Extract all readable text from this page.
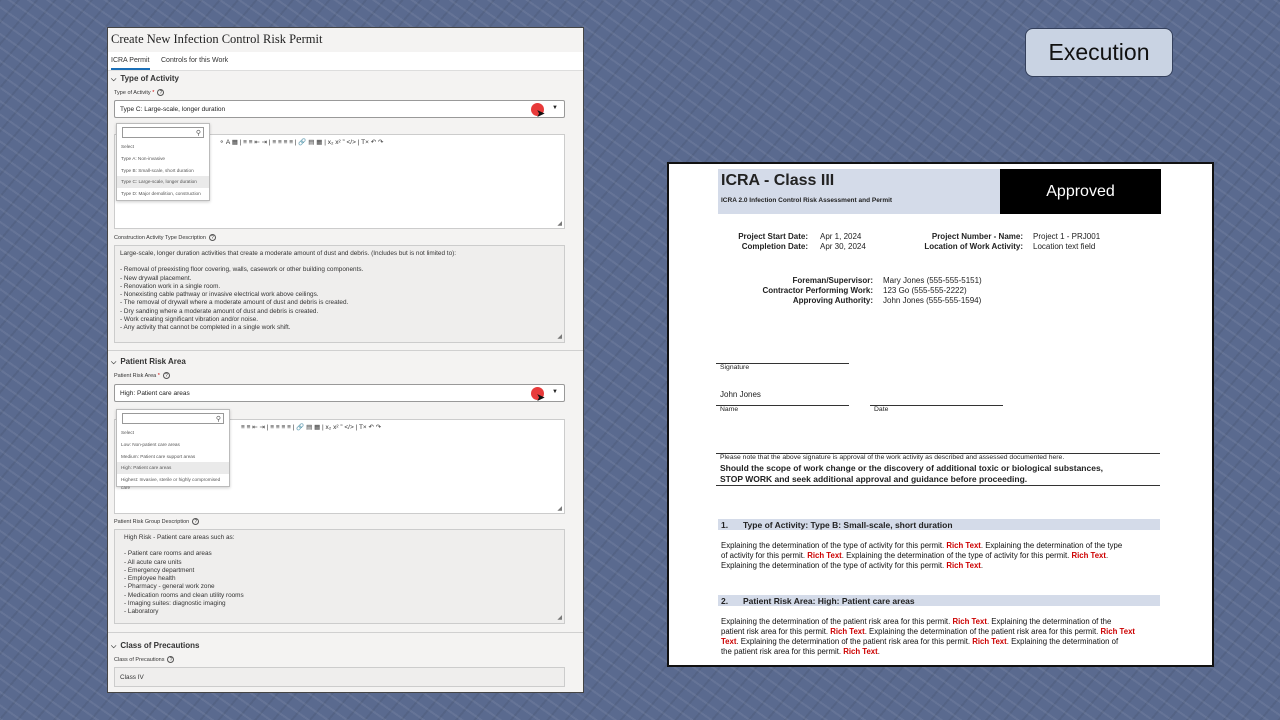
Execution
Create New Infection Control Risk Permit
ICRA Permit Controls for this Work
⌵ Type of Activity
Type of Activity * ?
Type C: Large-scale, longer duration	▼
➤
⚬ A ▦ | ≡ ≡ ⇤ ⇥ | ≡ ≡ ≡ ≡ | 🔗 ▤ ▦ | x₂ x² ” </> | T× ↶ ↷
◢
⚲
Select
Type A: Non-invasive
Type B: Small-scale, short duration
Type C: Large-scale, longer duration
Type D: Major demolition, construction
Construction Activity Type Description ?
Large-scale, longer duration activities that create a moderate amount of dust and debris. (Includes but is not limited to):
- Removal of preexisting floor covering, walls, casework or other building components.
- New drywall placement.
- Renovation work in a single room.
- Nonexisting cable pathway or invasive electrical work above ceilings.
- The removal of drywall where a moderate amount of dust and debris is created.
- Dry sanding where a moderate amount of dust and debris is created.
- Work creating significant vibration and/or noise.
- Any activity that cannot be completed in a single work shift.
◢
⌵ Patient Risk Area
Patient Risk Area * ?
High: Patient care areas	▼
➤
≡ ≡ ⇤ ⇥ | ≡ ≡ ≡ ≡ | 🔗 ▤ ▦ | x₂ x² ” </> | T× ↶ ↷
◢
⚲
Select
Low: Non-patient care areas
Medium: Patient care support areas
High: Patient care areas
Highest: Invasive, sterile or highly compromised care
Patient Risk Group Description ?
High Risk - Patient care areas such as:
- Patient care rooms and areas
- All acute care units
- Emergency department
- Employee health
- Pharmacy - general work zone
- Medication rooms and clean utility rooms
- Imaging suites: diagnostic imaging
- Laboratory
◢
⌵ Class of Precautions
Class of Precautions ?
Class IV
ICRA - Class III
ICRA 2.0 Infection Control Risk Assessment and Permit
Approved
Project Start Date: Apr 1, 2024
Completion Date: Apr 30, 2024
Project Number - Name: Project 1 - PRJ001
Location of Work Activity: Location text field
Foreman/Supervisor: Mary Jones (555-555-5151)
Contractor Performing Work: 123 Go (555-555-2222)
Approving Authority: John Jones (555-555-1594)
Signature
John Jones
Name	Date
Please note that the above signature is approval of the work activity as described and assessed documented here.
Should the scope of work change or the discovery of additional toxic or biological substances,
STOP WORK and seek additional approval and guidance before proceeding.
1. Type of Activity: Type B: Small-scale, short duration
Explaining the determination of the type of activity for this permit. Rich Text. Explaining the determination of the type
of activity for this permit. Rich Text. Explaining the determination of the type of activity for this permit. Rich Text.
Explaining the determination of the type of activity for this permit. Rich Text.
2. Patient Risk Area: High: Patient care areas
Explaining the determination of the patient risk area for this permit. Rich Text. Explaining the determination of the
patient risk area for this permit. Rich Text. Explaining the determination of the patient risk area for this permit. Rich Text
Text. Explaining the determination of the patient risk area for this permit. Rich Text. Explaining the determination of
the patient risk area for this permit. Rich Text.
